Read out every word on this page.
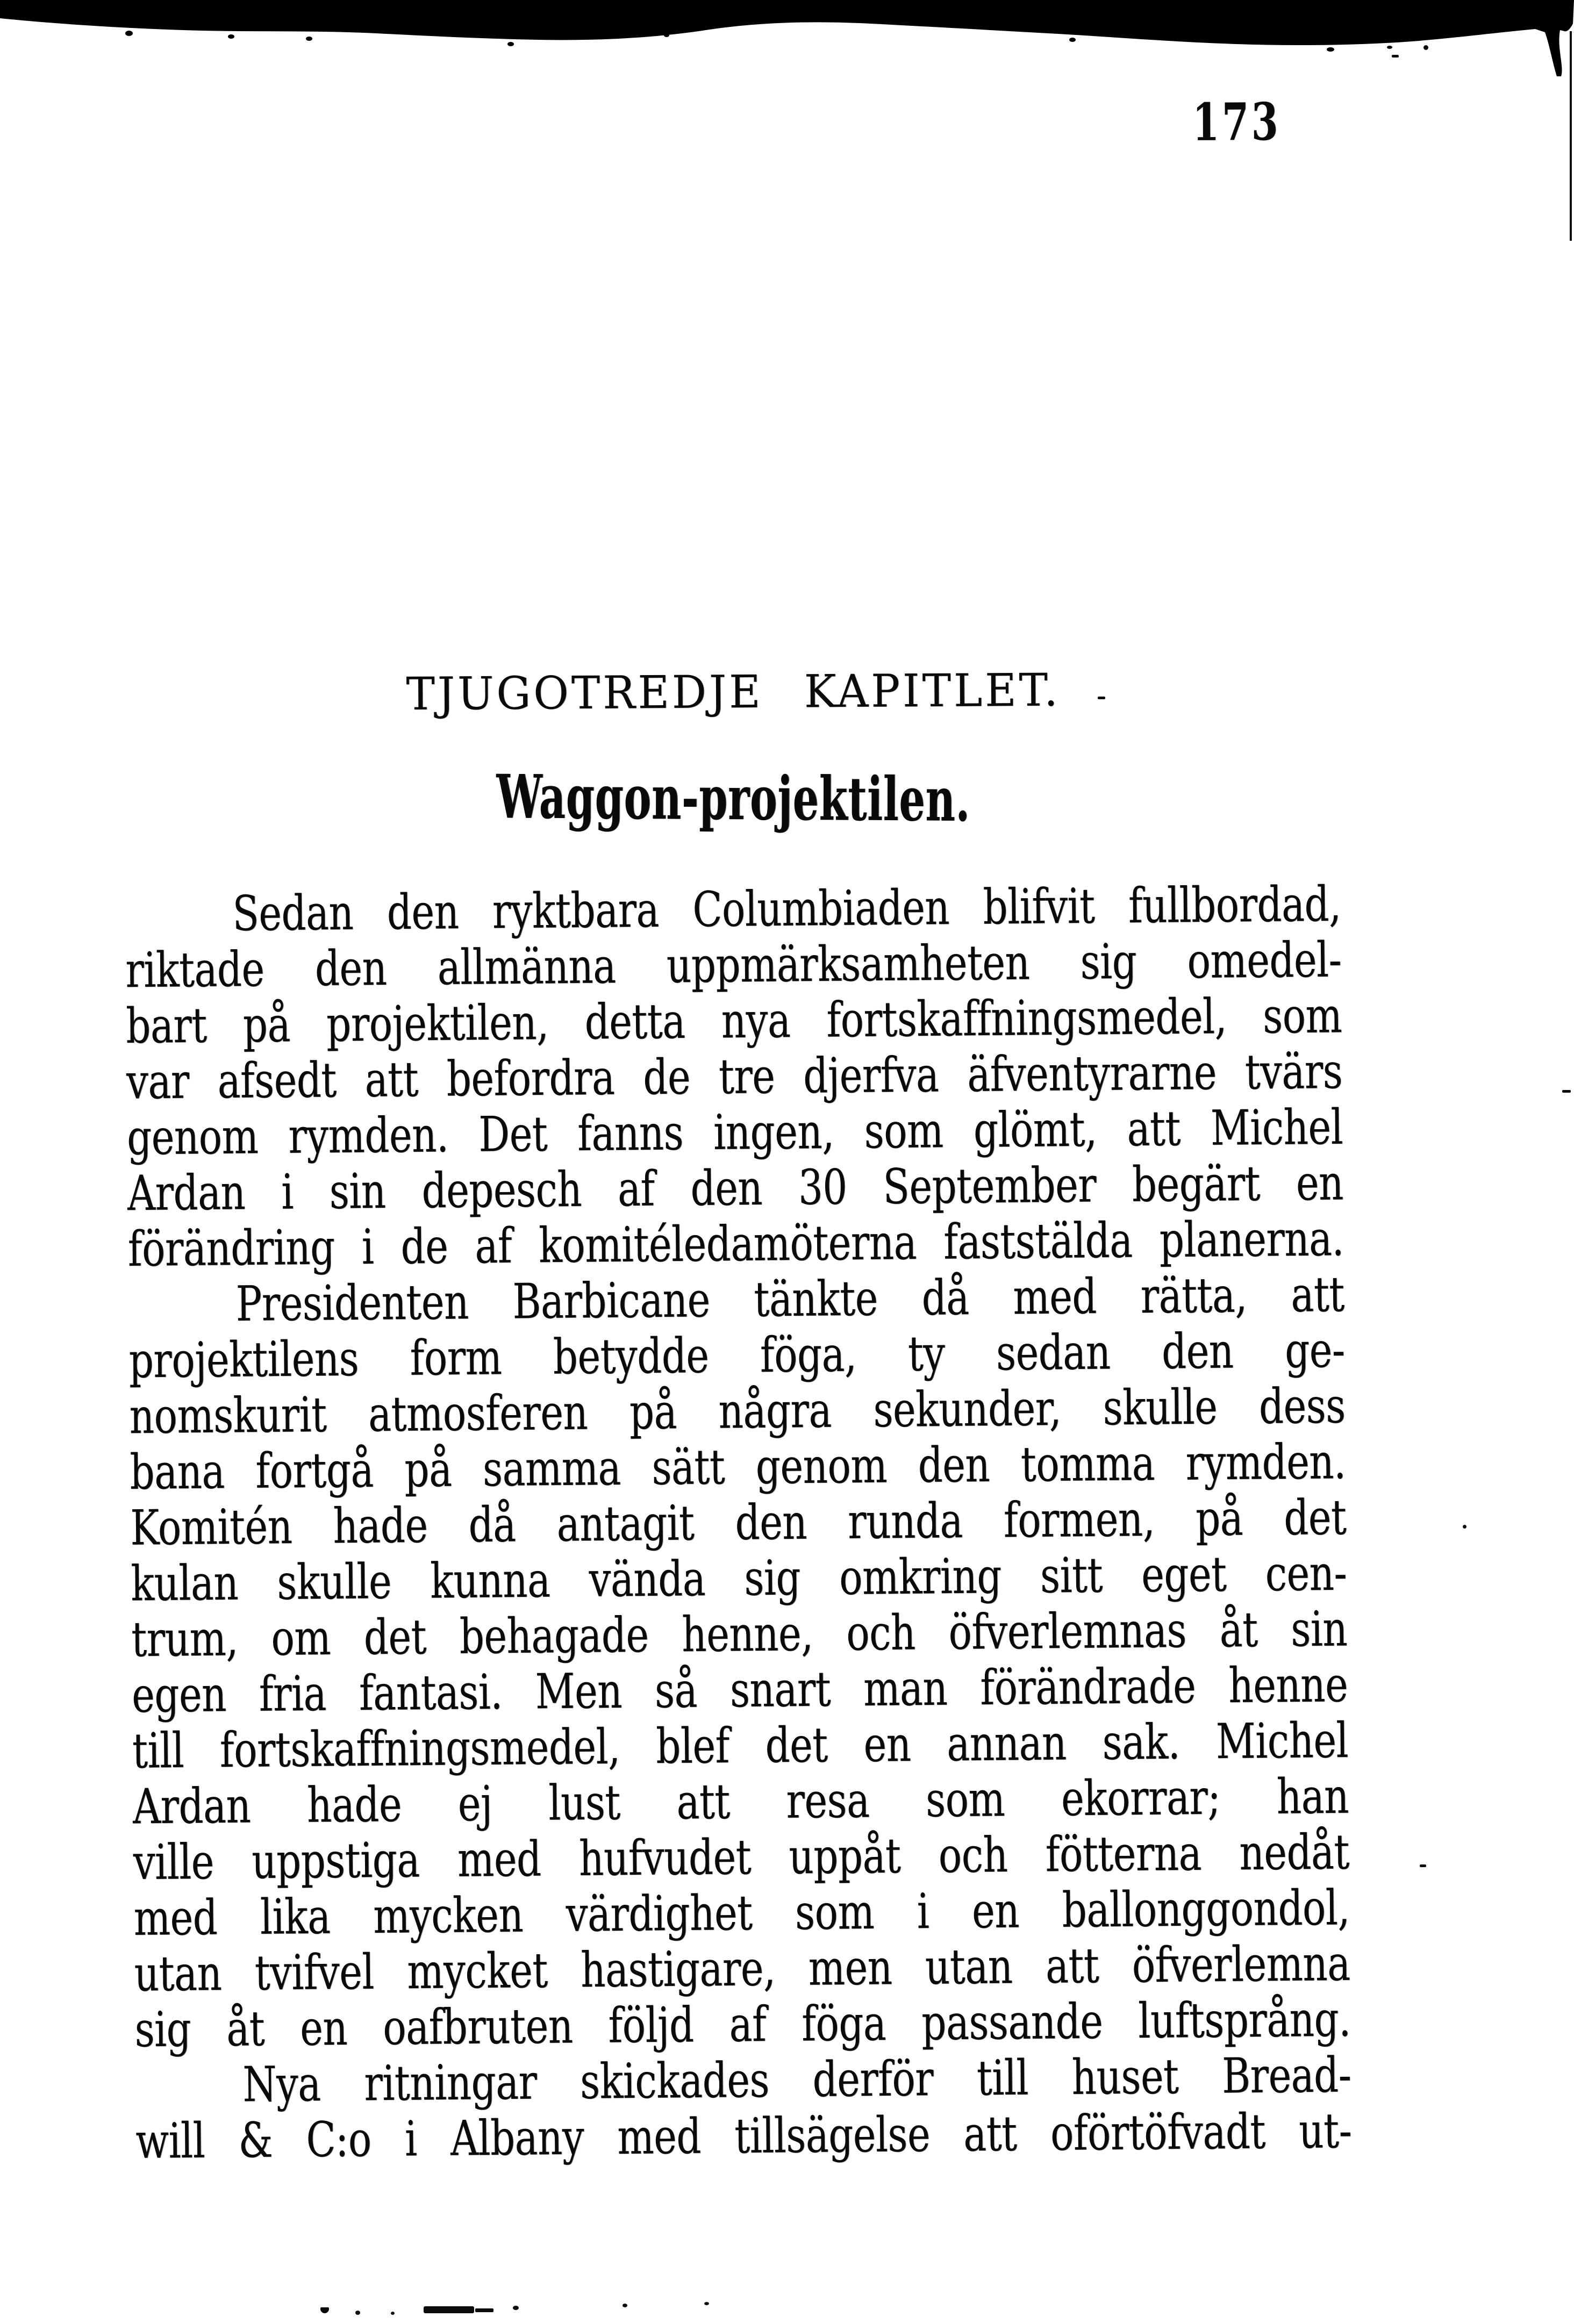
173
TJUGOTREDJE KAPITLET.
Waggon-projektilen.
Sedan den ryktbara Columbiaden blifvit fullbordad,
riktade den allmänna uppmärksamheten sig omedel-
bart på projektilen, detta nya fortskaffningsmedel, som
var afsedt att befordra de tre djerfva äfventyrarne tvärs
genom rymden. Det fanns ingen, som glömt, att Michel
Ardan i sin depesch af den 30 September begärt en
förändring i de af komitéledamöterna faststälda planerna.
Presidenten Barbicane tänkte då med rätta, att
projektilens form betydde föga, ty sedan den ge-
nomskurit atmosferen på några sekunder, skulle dess
bana fortgå på samma sätt genom den tomma rymden.
Komitén hade då antagit den runda formen, på det
kulan skulle kunna vända sig omkring sitt eget cen-
trum, om det behagade henne, och öfverlemnas åt sin
egen fria fantasi. Men så snart man förändrade henne
till fortskaffningsmedel, blef det en annan sak. Michel
Ardan hade ej lust att resa som ekorrar; han
ville uppstiga med hufvudet uppåt och fötterna nedåt
med lika mycken värdighet som i en ballonggondol,
utan tvifvel mycket hastigare, men utan att öfverlemna
sig åt en oafbruten följd af föga passande luftsprång.
Nya ritningar skickades derför till huset Bread-
will & C:o i Albany med tillsägelse att oförtöfvadt ut-
